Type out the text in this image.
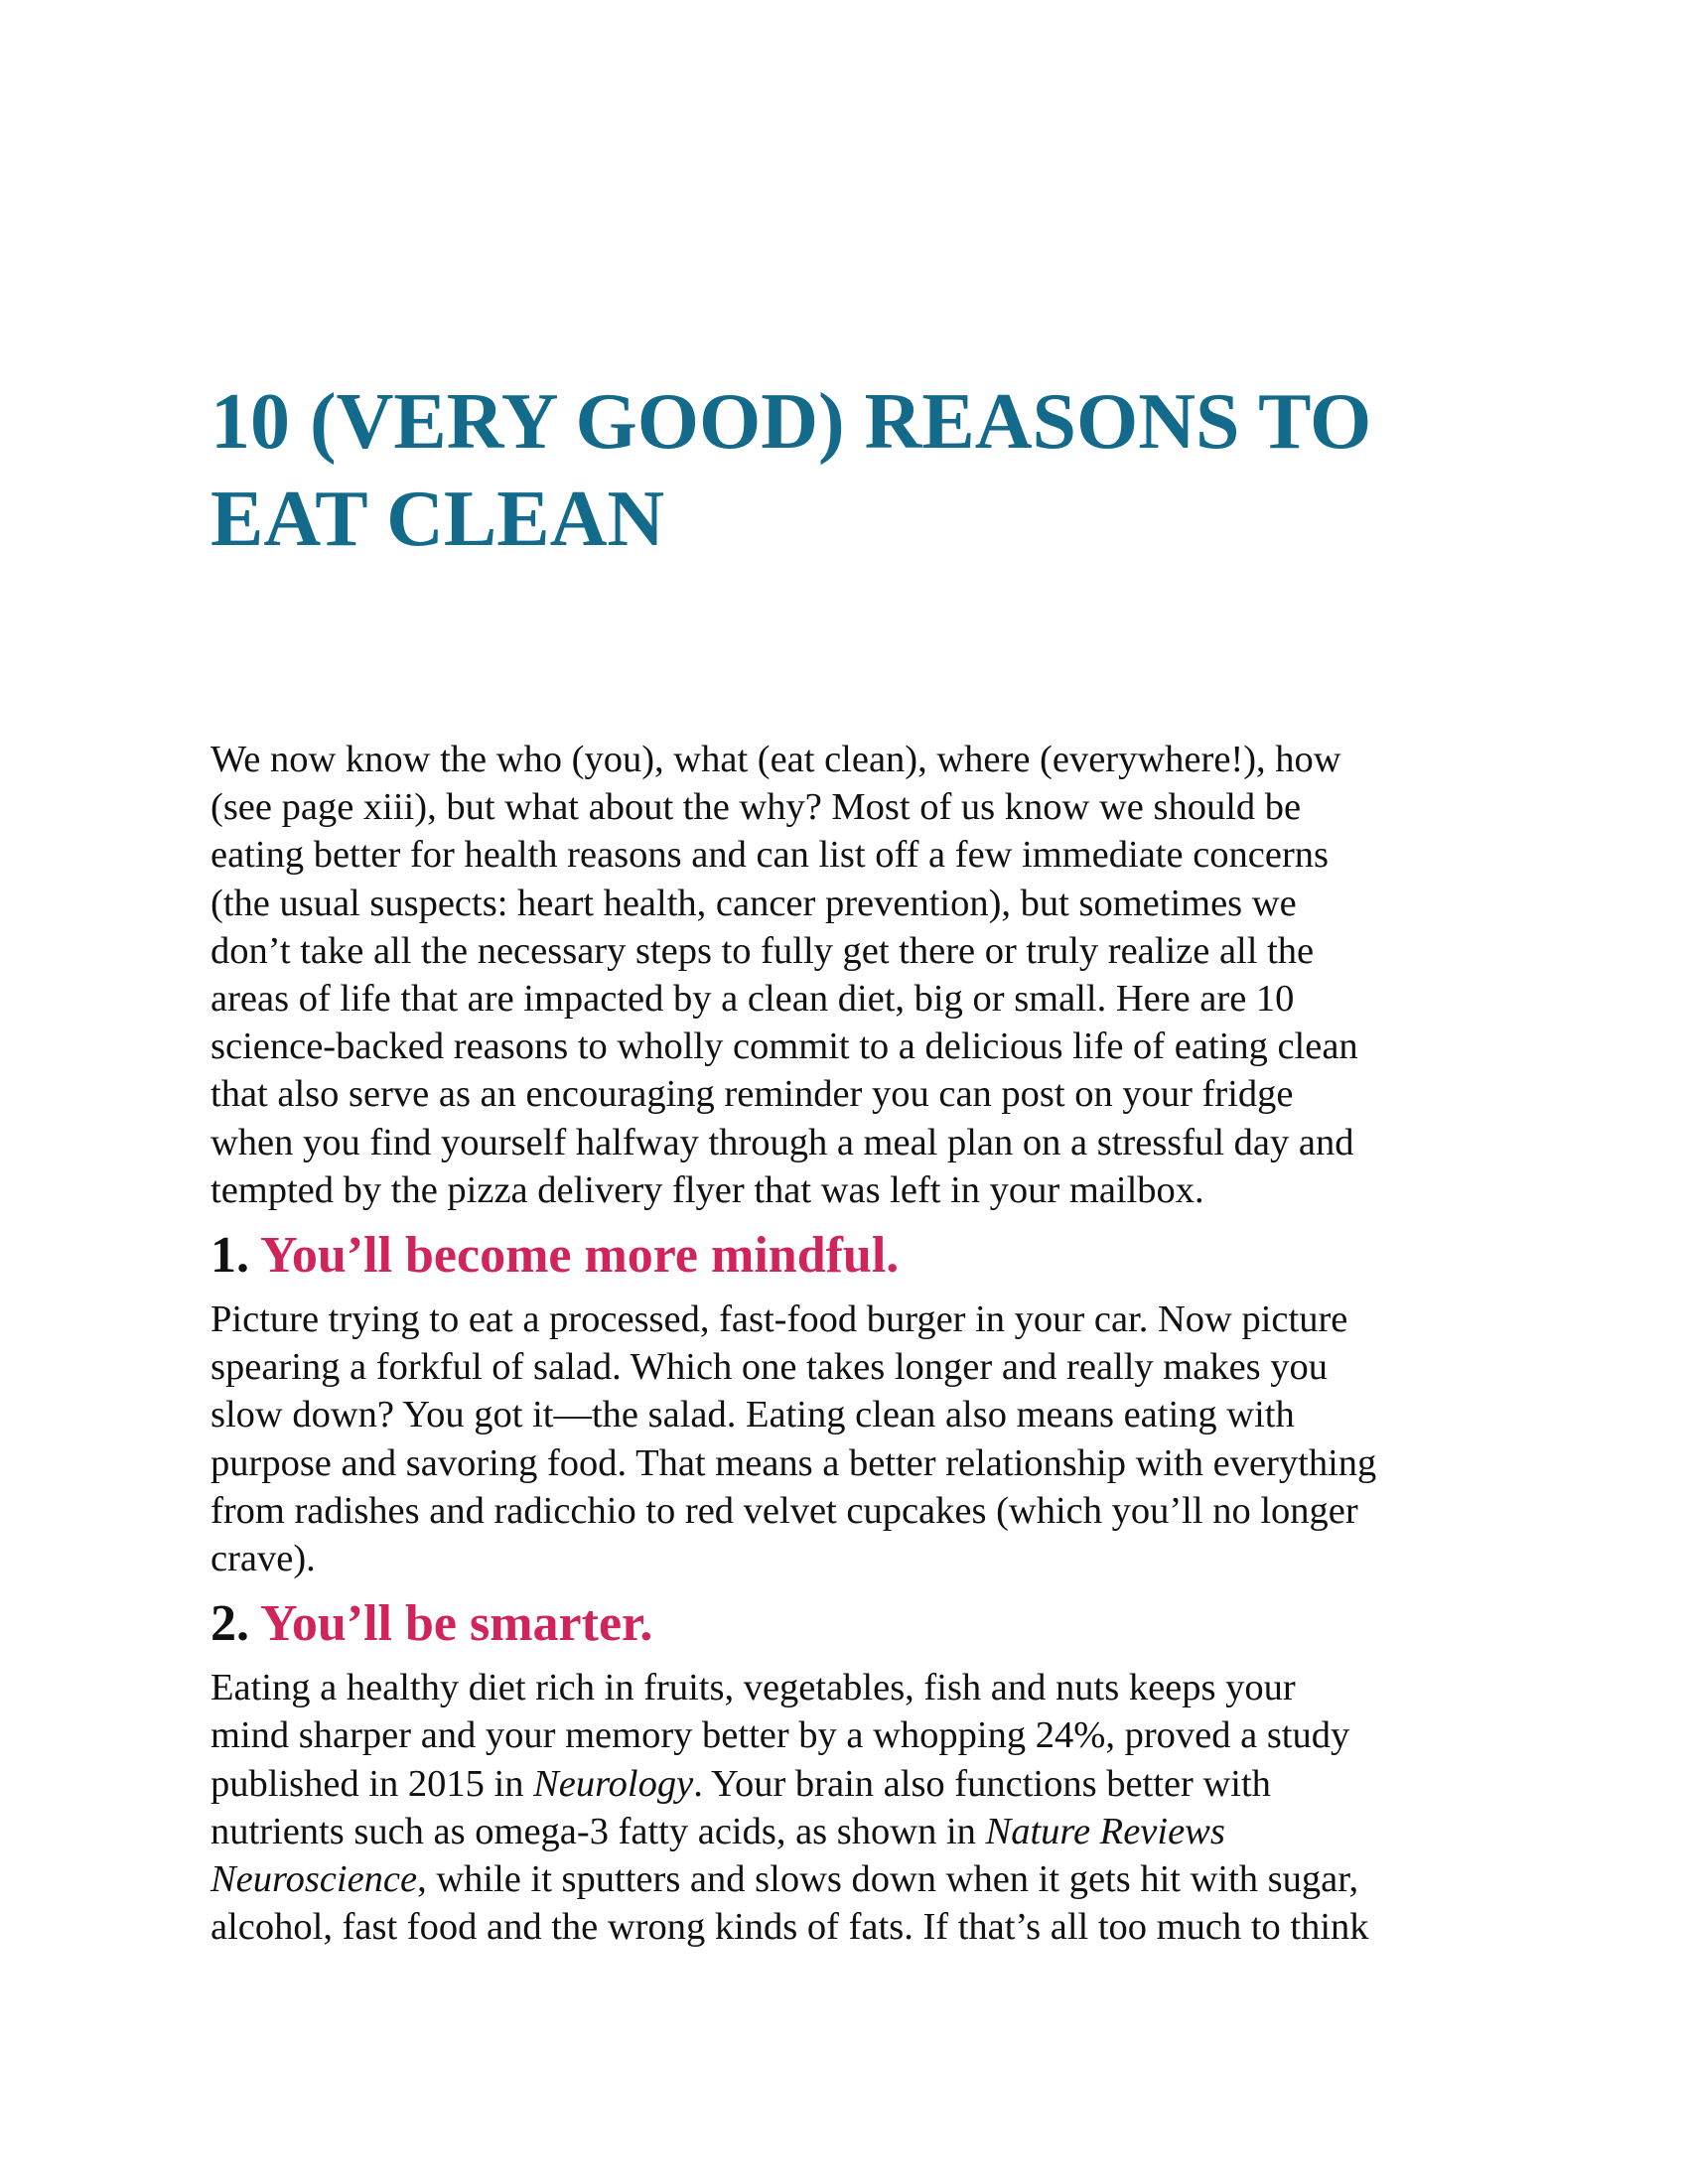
10 (VERY GOOD) REASONS TO
EAT CLEAN
We now know the who (you), what (eat clean), where (everywhere!), how
(see page xiii), but what about the why? Most of us know we should be
eating better for health reasons and can list off a few immediate concerns
(the usual suspects: heart health, cancer prevention), but sometimes we
don’t take all the necessary steps to fully get there or truly realize all the
areas of life that are impacted by a clean diet, big or small. Here are 10
science-backed reasons to wholly commit to a delicious life of eating clean
that also serve as an encouraging reminder you can post on your fridge
when you find yourself halfway through a meal plan on a stressful day and
tempted by the pizza delivery flyer that was left in your mailbox.
1. You’ll become more mindful.
Picture trying to eat a processed, fast-food burger in your car. Now picture
spearing a forkful of salad. Which one takes longer and really makes you
slow down? You got it—the salad. Eating clean also means eating with
purpose and savoring food. That means a better relationship with everything
from radishes and radicchio to red velvet cupcakes (which you’ll no longer
crave).
2. You’ll be smarter.
Eating a healthy diet rich in fruits, vegetables, fish and nuts keeps your
mind sharper and your memory better by a whopping 24%, proved a study
published in 2015 in Neurology. Your brain also functions better with
nutrients such as omega-3 fatty acids, as shown in Nature Reviews
Neuroscience, while it sputters and slows down when it gets hit with sugar,
alcohol, fast food and the wrong kinds of fats. If that’s all too much to think
